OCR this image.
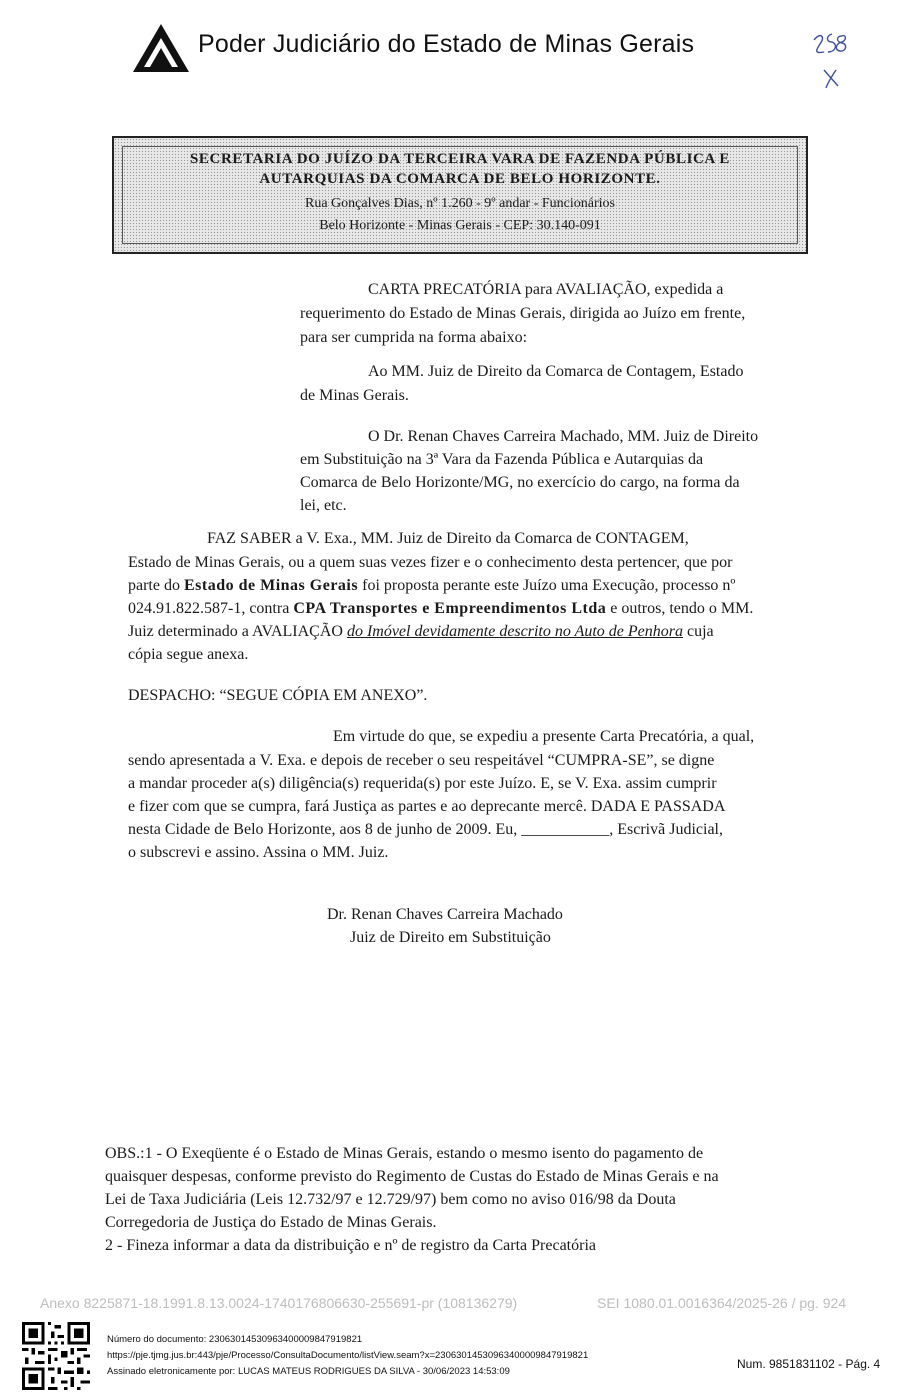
Poder Judiciário do Estado de Minas Gerais
SECRETARIA DO JUÍZO DA TERCEIRA VARA DE FAZENDA PÚBLICA E
AUTARQUIAS DA COMARCA DE BELO HORIZONTE.
Rua Gonçalves Dias, nº 1.260 - 9º andar - Funcionários
Belo Horizonte - Minas Gerais - CEP: 30.140-091
CARTA PRECATÓRIA para AVALIAÇÃO, expedida a
requerimento do Estado de Minas Gerais, dirigida ao Juízo em frente,
para ser cumprida na forma abaixo:
Ao MM. Juiz de Direito da Comarca de Contagem, Estado
de Minas Gerais.
O Dr. Renan Chaves Carreira Machado, MM. Juiz de Direito
em Substituição na 3ª Vara da Fazenda Pública e Autarquias da
Comarca de Belo Horizonte/MG, no exercício do cargo, na forma da
lei, etc.
FAZ SABER a V. Exa., MM. Juiz de Direito da Comarca de CONTAGEM,
Estado de Minas Gerais, ou a quem suas vezes fizer e o conhecimento desta pertencer, que por
parte do Estado de Minas Gerais foi proposta perante este Juízo uma Execução, processo nº
024.91.822.587-1, contra CPA Transportes e Empreendimentos Ltda e outros, tendo o MM.
Juiz determinado a AVALIAÇÃO do Imóvel devidamente descrito no Auto de Penhora cuja
cópia segue anexa.
DESPACHO: “SEGUE CÓPIA EM ANEXO”.
Em virtude do que, se expediu a presente Carta Precatória, a qual,
sendo apresentada a V. Exa. e depois de receber o seu respeitável “CUMPRA-SE”, se digne
a mandar proceder a(s) diligência(s) requerida(s) por este Juízo. E, se V. Exa. assim cumprir
e fizer com que se cumpra, fará Justiça as partes e ao deprecante mercê. DADA E PASSADA
nesta Cidade de Belo Horizonte, aos 8 de junho de 2009. Eu, ___________, Escrivã Judicial,
o subscrevi e assino. Assina o MM. Juiz.
Dr. Renan Chaves Carreira Machado
Juiz de Direito em Substituição
OBS.:1 - O Exeqüente é o Estado de Minas Gerais, estando o mesmo isento do pagamento de
quaisquer despesas, conforme previsto do Regimento de Custas do Estado de Minas Gerais e na
Lei de Taxa Judiciária (Leis 12.732/97 e 12.729/97) bem como no aviso 016/98 da Douta
Corregedoria de Justiça do Estado de Minas Gerais.
2 - Fineza informar a data da distribuição e nº de registro da Carta Precatória
Anexo 8225871-18.1991.8.13.0024-1740176806630-255691-pr (108136279)	SEI 1080.01.0016364/2025-26 / pg. 924
Número do documento: 23063014530963400009847919821
https://pje.tjmg.jus.br:443/pje/Processo/ConsultaDocumento/listView.seam?x=23063014530963400009847919821
Assinado eletronicamente por: LUCAS MATEUS RODRIGUES DA SILVA - 30/06/2023 14:53:09
Num. 9851831102 - Pág. 4
